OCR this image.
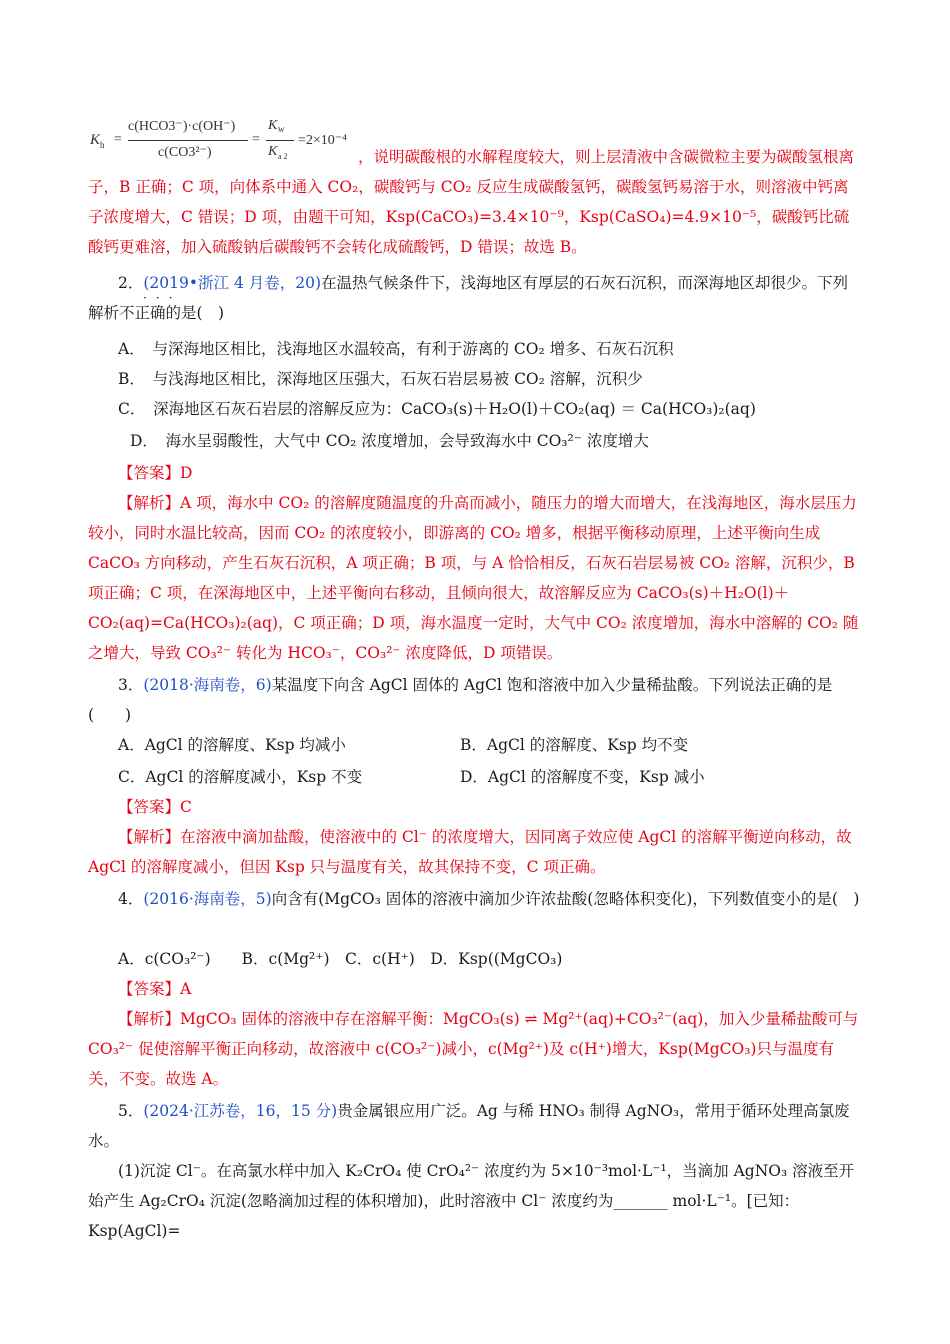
K h =
c(HCO3⁻)·c(OH⁻)
c(CO3²⁻)
=
K w
K a 2
=2×10⁻⁴
，说明碳酸根的水解程度较大，则上层清液中含碳微粒主要为碳酸氢根离子，B 正确；C 项，向体系中通入 CO₂，碳酸钙与 CO₂ 反应生成碳酸氢钙，碳酸氢钙易溶于水，则溶液中钙离子浓度增大，C 错误；D 项，由题干可知，Ksp(CaCO₃)=3.4×10⁻⁹，Ksp(CaSO₄)=4.9×10⁻⁵，碳酸钙比硫酸钙更难溶，加入硫酸钠后碳酸钙不会转化成硫酸钙，D 错误；故选 B。
2．(2019•浙江 4 月卷，20)在温热气候条件下，浅海地区有厚层的石灰石沉积，而深海地区却很少。下列解析不正确的是(　)
···
A．　与深海地区相比，浅海地区水温较高，有利于游离的 CO₂ 增多、石灰石沉积
B．　与浅海地区相比，深海地区压强大，石灰石岩层易被 CO₂ 溶解，沉积少
C．　深海地区石灰石岩层的溶解反应为：CaCO₃(s)＋H₂O(l)＋CO₂(aq) ＝ Ca(HCO₃)₂(aq)
D．　海水呈弱酸性，大气中 CO₂ 浓度增加，会导致海水中 CO₃²⁻ 浓度增大
【答案】D
【解析】A 项，海水中 CO₂ 的溶解度随温度的升高而减小，随压力的增大而增大，在浅海地区，海水层压力较小，同时水温比较高，因而 CO₂ 的浓度较小，即游离的 CO₂ 增多，根据平衡移动原理，上述平衡向生成 CaCO₃ 方向移动，产生石灰石沉积，A 项正确；B 项，与 A 恰恰相反，石灰石岩层易被 CO₂ 溶解，沉积少，B 项正确；C 项，在深海地区中，上述平衡向右移动，且倾向很大，故溶解反应为 CaCO₃(s)＋H₂O(l)＋CO₂(aq)=Ca(HCO₃)₂(aq)，C 项正确；D 项，海水温度一定时，大气中 CO₂ 浓度增加，海水中溶解的 CO₂ 随之增大，导致 CO₃²⁻ 转化为 HCO₃⁻，CO₃²⁻ 浓度降低，D 项错误。
3．(2018·海南卷，6)某温度下向含 AgCl 固体的 AgCl 饱和溶液中加入少量稀盐酸。下列说法正确的是(　　)
A．AgCl 的溶解度、Ksp 均减小	B．AgCl 的溶解度、Ksp 均不变
C．AgCl 的溶解度减小，Ksp 不变	D．AgCl 的溶解度不变，Ksp 减小
【答案】C
【解析】在溶液中滴加盐酸，使溶液中的 Cl⁻ 的浓度增大，因同离子效应使 AgCl 的溶解平衡逆向移动，故 AgCl 的溶解度减小，但因 Ksp 只与温度有关，故其保持不变，C 项正确。
4．(2016·海南卷，5)向含有(MgCO₃ 固体的溶液中滴加少许浓盐酸(忽略体积变化)，下列数值变小的是(　)
A．c(CO₃²⁻)　　B．c(Mg²⁺)　C．c(H⁺)　D．Ksp((MgCO₃)
【答案】A
【解析】MgCO₃ 固体的溶液中存在溶解平衡：MgCO₃(s) ⇌ Mg²⁺(aq)+CO₃²⁻(aq)，加入少量稀盐酸可与 CO₃²⁻ 促使溶解平衡正向移动，故溶液中 c(CO₃²⁻)减小，c(Mg²⁺)及 c(H⁺)增大，Ksp(MgCO₃)只与温度有关，不变。故选 A。
5．(2024·江苏卷，16，15 分)贵金属银应用广泛。Ag 与稀 HNO₃ 制得 AgNO₃，常用于循环处理高氯废水。
(1)沉淀 Cl⁻。在高氯水样中加入 K₂CrO₄ 使 CrO₄²⁻ 浓度约为 5×10⁻³mol·L⁻¹，当滴加 AgNO₃ 溶液至开始产生 Ag₂CrO₄ 沉淀(忽略滴加过程的体积增加)，此时溶液中 Cl⁻ 浓度约为_______ mol·L⁻¹。[已知：Ksp(AgCl)=
